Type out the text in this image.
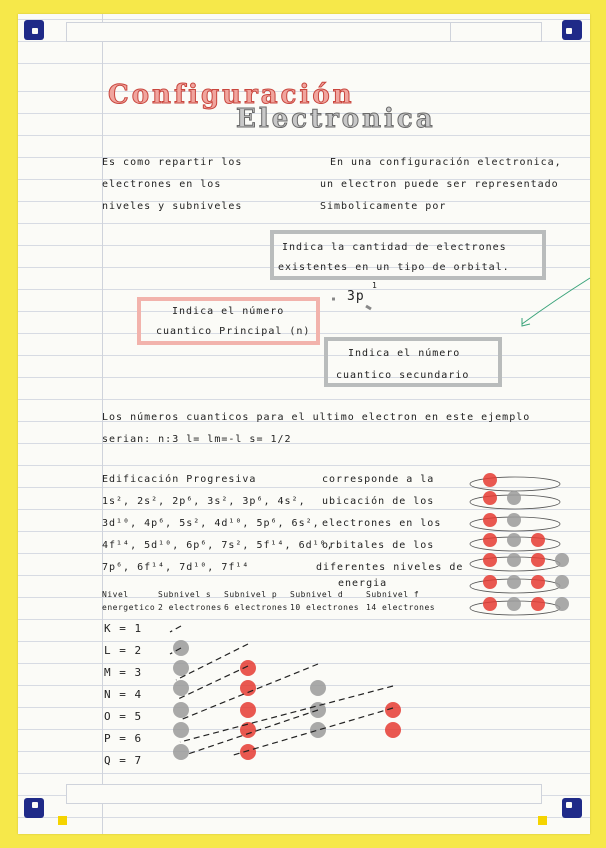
Configuración
Electronica
Es como repartir los
electrones en los
niveles y subniveles
En una configuración electronica,
un electron puede ser representado
Simbolicamente por
Indica la cantidad de electrones
existentes en un tipo de orbital.
3p
1
Indica el número
cuantico Principal (n)
Indica el número
cuantico secundario
Los números cuanticos para el ultimo electron en este ejemplo
serian: n:3 l= lm=-l s= 1/2
Edificación Progresiva
1s², 2s², 2p⁶, 3s², 3p⁶, 4s²,
3d¹⁰, 4p⁶, 5s², 4d¹⁰, 5p⁶, 6s²,
4f¹⁴, 5d¹⁰, 6p⁶, 7s², 5f¹⁴, 6d¹⁰,
7p⁶, 6f¹⁴, 7d¹⁰, 7f¹⁴
corresponde a la
ubicación de los
electrones en los
orbitales de los
diferentes niveles de
energia
Nivel
energetico
Subnivel s
2 electrones
Subnivel p
6 electrones
Subnivel d
10 electrones
Subnivel f
14 electrones
K = 1
L = 2
M = 3
N = 4
O = 5
P = 6
Q = 7
